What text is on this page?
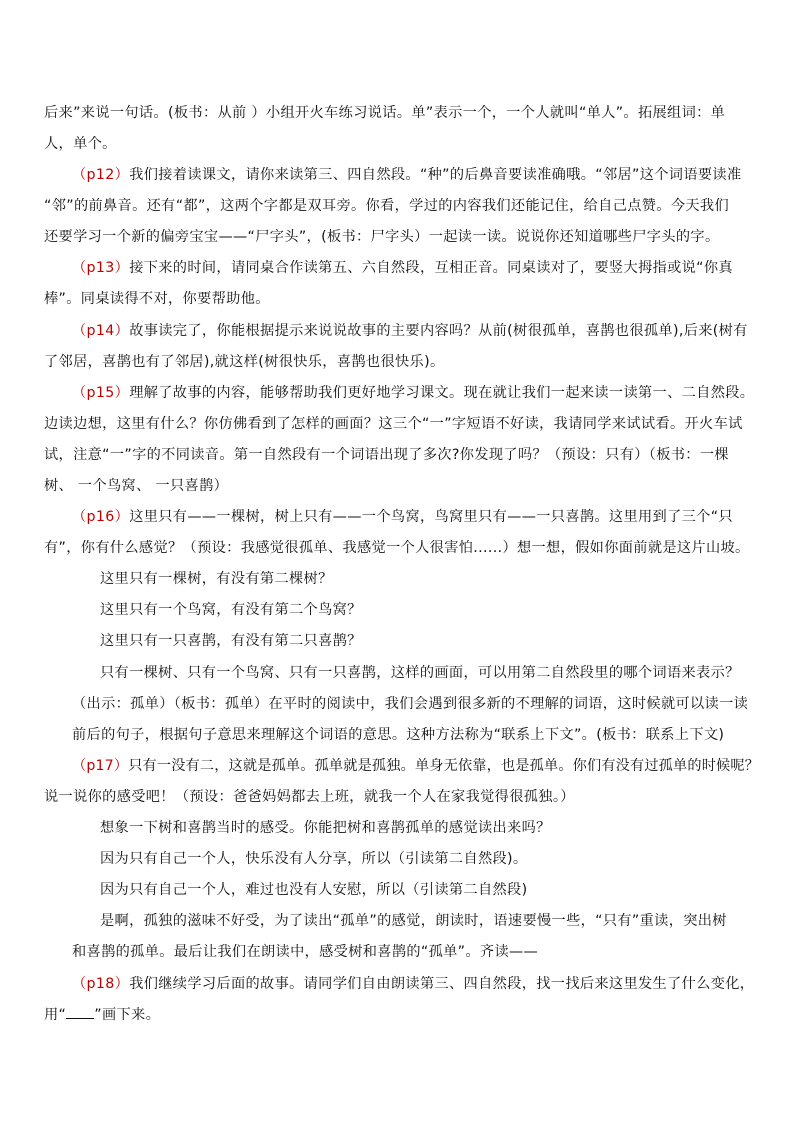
后来”来说一句话。(板书：从前 ）小组开火车练习说话。单”表示一个，一个人就叫“单人”。拓展组词：单
人，单个。
（p12）我们接着读课文，请你来读第三、四自然段。“种”的后鼻音要读准确哦。“邻居”这个词语要读准
“邻”的前鼻音。还有“都”，这两个字都是双耳旁。你看，学过的内容我们还能记住，给自己点赞。今天我们
还要学习一个新的偏旁宝宝——“尸字头”，(板书：尸字头）一起读一读。说说你还知道哪些尸字头的字。
（p13）接下来的时间，请同桌合作读第五、六自然段，互相正音。同桌读对了，要竖大拇指或说“你真
棒”。同桌读得不对，你要帮助他。
（p14）故事读完了，你能根据提示来说说故事的主要内容吗？从前(树很孤单，喜鹊也很孤单),后来(树有
了邻居，喜鹊也有了邻居),就这样(树很快乐，喜鹊也很快乐)。
（p15）理解了故事的内容，能够帮助我们更好地学习课文。现在就让我们一起来读一读第一、二自然段。
边读边想，这里有什么？你仿佛看到了怎样的画面？这三个“一”字短语不好读，我请同学来试试看。开火车试
试，注意“一”字的不同读音。第一自然段有一个词语出现了多次?你发现了吗？（预设：只有）（板书：一棵
树、 一个鸟窝、 一只喜鹊）
（p16）这里只有——一棵树，树上只有——一个鸟窝，鸟窝里只有——一只喜鹊。这里用到了三个“只
有”，你有什么感觉？（预设：我感觉很孤单、我感觉一个人很害怕......）想一想，假如你面前就是这片山坡。
这里只有一棵树，有没有第二棵树？
这里只有一个鸟窝，有没有第二个鸟窝？
这里只有一只喜鹊，有没有第二只喜鹊？
只有一棵树、只有一个鸟窝、只有一只喜鹊，这样的画面，可以用第二自然段里的哪个词语来表示？
（出示：孤单）（板书：孤单）在平时的阅读中，我们会遇到很多新的不理解的词语，这时候就可以读一读
前后的句子，根据句子意思来理解这个词语的意思。这种方法称为“联系上下文”。(板书：联系上下文)
（p17）只有一没有二，这就是孤单。孤单就是孤独。单身无依靠，也是孤单。你们有没有过孤单的时候呢？
说一说你的感受吧！（预设：爸爸妈妈都去上班，就我一个人在家我觉得很孤独。）
想象一下树和喜鹊当时的感受。你能把树和喜鹊孤单的感觉读出来吗？
因为只有自己一个人，快乐没有人分享，所以（引读第二自然段)。
因为只有自己一个人，难过也没有人安慰，所以（引读第二自然段)
是啊，孤独的滋味不好受，为了读出“孤单”的感觉，朗读时，语速要慢一些，“只有”重读，突出树
和喜鹊的孤单。最后让我们在朗读中，感受树和喜鹊的“孤单”。齐读——
（p18）我们继续学习后面的故事。请同学们自由朗读第三、四自然段，找一找后来这里发生了什么变化，
用“ ”画下来。
